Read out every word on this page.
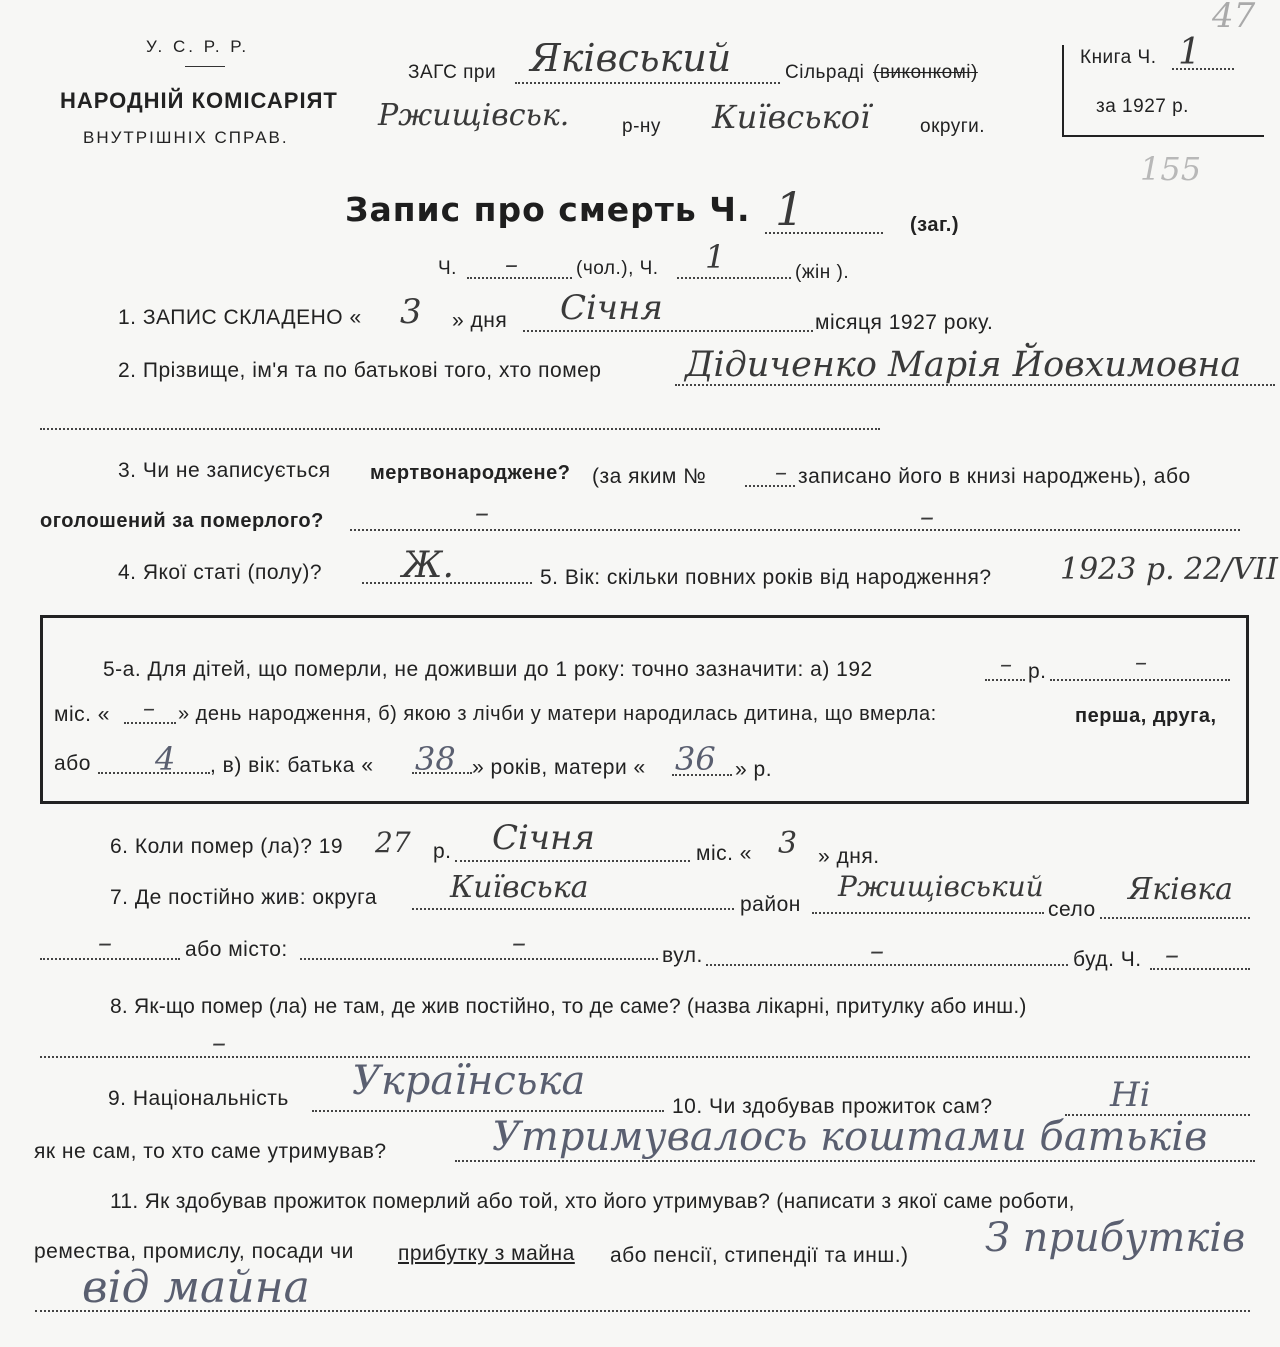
У. С. Р. Р.
НАРОДНІЙ КОМІСАРІЯТ
ВНУТРІШНІХ СПРАВ.
ЗАГС при Яківський	Сільраді (виконкомі)
Ржищівськ.	р-ну Київської	округи.
Книга Ч. 1
за 1927 р.
47
155
Запис про смерть Ч. 1	(заг.)
Ч. –	(чол.), Ч. 1	(жін ).
1. ЗАПИС СКЛАДЕНО « 3 » дня Січня	місяця 1927 року.
2. Прізвище, ім'я та по батькові того, хто помер Дідиченко Марія Йовхимовна
3. Чи не записується мертвонароджене? (за яким №	– записано його в книзі народжень), або
оголошений за померлого?	–	–
4. Якої статі (полу)? Ж.	5. Вік: скільки повних років від народження? 1923 р. 22/VII
5-а. Для дітей, що померли, не доживши до 1 року: точно зазначити: а) 192	– р.	–
міс. « – » день народження, б) якою з лічби у матери народилась дитина, що вмерла:	перша, друга,
або 4 , в) вік: батька « 38 » років, матери « 36 » р.
6. Коли помер (ла)? 19 27 р. Січня	міс. « 3 » дня.
7. Де постійно жив: округа Київська	район
Ржищівський
село
Яківка
–	або місто:	–	вул.	–	буд. Ч. –
8. Як-що помер (ла) не там, де жив постійно, то де саме? (назва лікарні, притулку або инш.)
–
9. Національність Українська
10. Чи здобував прожиток сам?	Ні
як не сам, то хто саме утримував?	Утримувалось коштами батьків
11. Як здобував прожиток померлий або той, хто його утримував? (написати з якої саме роботи,
ремества, промислу, посади чи прибутку з майна або пенсії, стипендії та инш.) З прибутків
від майна
